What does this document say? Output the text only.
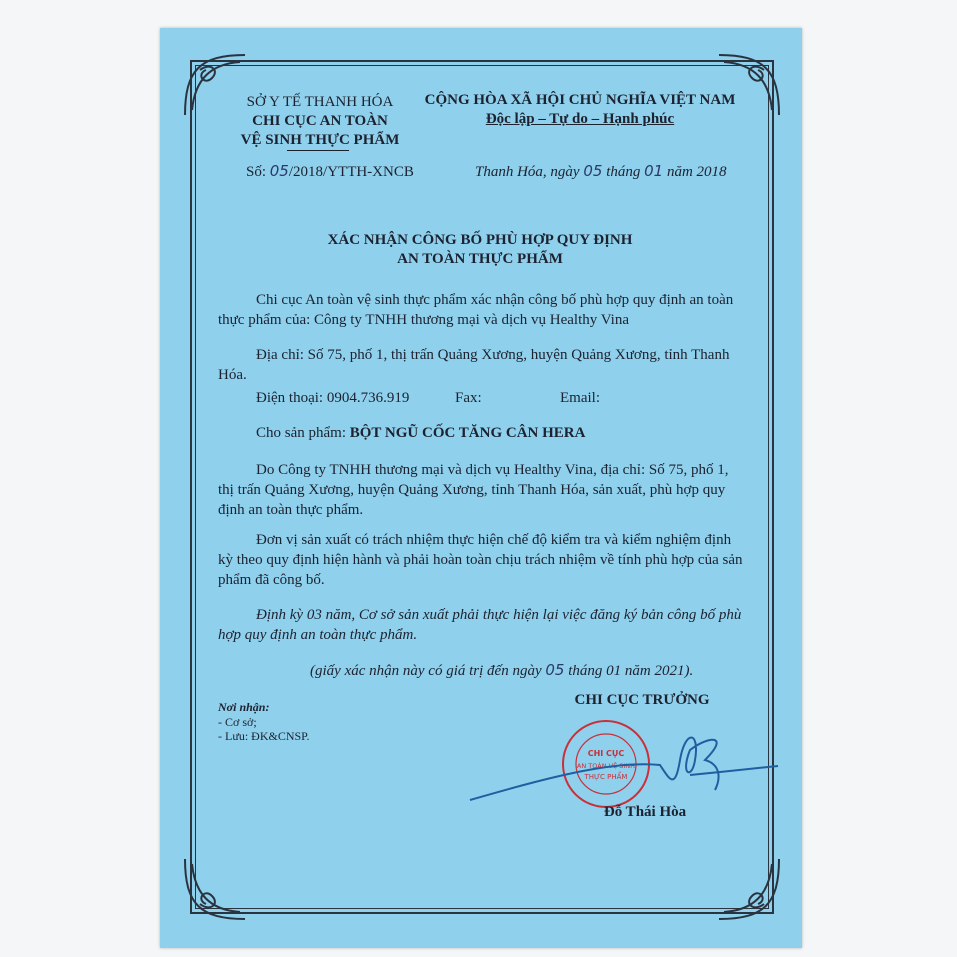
SỞ Y TẾ THANH HÓA
CHI CỤC AN TOÀN
VỆ SINH THỰC PHẨM
CỘNG HÒA XÃ HỘI CHỦ NGHĨA VIỆT NAM
Độc lập – Tự do – Hạnh phúc
Số: 05/2018/YTTH-XNCB	Thanh Hóa, ngày 05 tháng 01 năm 2018
XÁC NHẬN CÔNG BỐ PHÙ HỢP QUY ĐỊNH
AN TOÀN THỰC PHẨM
Chi cục An toàn vệ sinh thực phẩm xác nhận công bố phù hợp quy định an toàn
thực phẩm của: Công ty TNHH thương mại và dịch vụ Healthy Vina
Địa chỉ: Số 75, phố 1, thị trấn Quảng Xương, huyện Quảng Xương, tỉnh Thanh
Hóa.
Điện thoại: 0904.736.919	Fax:	Email:
Cho sản phẩm: BỘT NGŨ CỐC TĂNG CÂN HERA
Do Công ty TNHH thương mại và dịch vụ Healthy Vina, địa chỉ: Số 75, phố 1,
thị trấn Quảng Xương, huyện Quảng Xương, tỉnh Thanh Hóa, sản xuất, phù hợp quy
định an toàn thực phẩm.
Đơn vị sản xuất có trách nhiệm thực hiện chế độ kiểm tra và kiểm nghiệm định
kỳ theo quy định hiện hành và phải hoàn toàn chịu trách nhiệm về tính phù hợp của sản
phẩm đã công bố.
Định kỳ 03 năm, Cơ sở sản xuất phải thực hiện lại việc đăng ký bản công bố phù
hợp quy định an toàn thực phẩm.
(giấy xác nhận này có giá trị đến ngày 05 tháng 01 năm 2021).
Nơi nhận:
- Cơ sở;
- Lưu: ĐK&CNSP.
CHI CỤC TRƯỞNG
CHI CỤC
AN TOÀN VỆ SINH
THỰC PHẨM
Đỗ Thái Hòa
